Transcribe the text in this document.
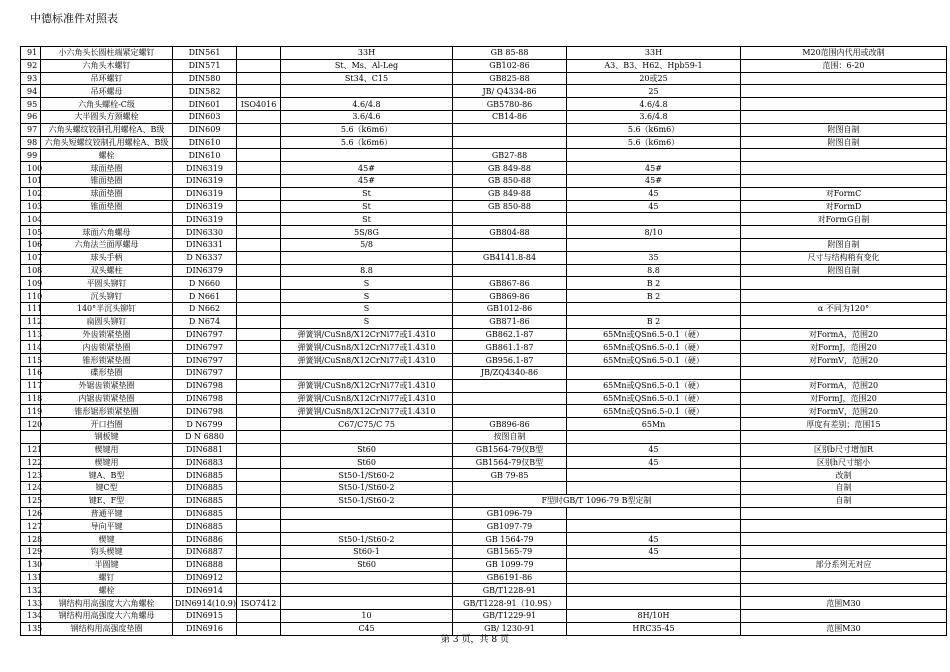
中德标准件对照表
91	小六角头长圆柱端紧定螺钉	DIN561		33H	GB 85-88	33H	M20范围内代用或改制
92	六角头木螺钉	DIN571		St、Ms、Al-Leg	GB102-86	A3、B3、H62、Hpb59-1	范围：6-20
93	吊环螺钉	DIN580		St34、C15	GB825-88	20或25	
94	吊环螺母	DIN582			JB/ Q4334-86	25	
95	六角头螺栓-C级	DIN601	ISO4016	4.6/4.8	GB5780-86	4.6/4.8	
96	大半圆头方颈螺栓	DIN603		3.6/4.6	CB14-86	3.6/4.8	
97	六角头螺纹铰制孔用螺栓A、B级	DIN609		5.6（k6m6）		5.6（k6m6）	附图自制
98	六角头短螺纹铰制孔用螺栓A、B级	DIN610		5.6（k6m6）		5.6（k6m6）	附图自制
99	螺栓	DIN610			GB27-88		
100	球面垫圈	DIN6319		45#	GB 849-88	45#	
101	锥面垫圈	DIN6319		45#	GB 850-88	45#	
102	球面垫圈	DIN6319		St	GB 849-88	45	对FormC
103	锥面垫圈	DIN6319		St	GB 850-88	45	对FormD
104		DIN6319		St			对FormG自制
105	球面六角螺母	DIN6330		5S/8G	GB804-88	8/10	
106	六角法兰面厚螺母	DIN6331		5/8			附图自制
107	球头手柄	D N6337			GB4141.8-84	35	尺寸与结构稍有变化
108	双头螺柱	DIN6379		8.8		8.8	附图自制
109	平圆头铆钉	D N660		S	GB867-86	B 2	
110	沉头铆钉	D N661		S	GB869-86	B 2	
111	140°半沉头铆钉	D N662		S	GB1012-86		α 不同为120°
112	扁圆头铆钉	D N674		S	GB871-86	B 2	
113	外齿锁紧垫圈	DIN6797		弹簧钢/CuSn8/X12CrNi77或1.4310	GB862.1-87	65Mn或QSn6.5-0.1（硬）	对FormA，范围20
114	内齿锁紧垫圈	DIN6797		弹簧钢/CuSn8/X12CrNi77或1.4310	GB861.1-87	65Mn或QSn6.5-0.1（硬）	对FormJ，范围20
115	锥形锁紧垫圈	DIN6797		弹簧钢/CuSn8/X12CrNi77或1.4310	GB956.1-87	65Mn或QSn6.5-0.1（硬）	对FormV，范围20
116	碟形垫圈	DIN6797			JB/ZQ4340-86		
117	外锯齿锁紧垫圈	DIN6798		弹簧钢/CuSn8/X12CrNi77或1.4310		65Mn或QSn6.5-0.1（硬）	对FormA，范围20
118	内锯齿锁紧垫圈	DIN6798		弹簧钢/CuSn8/X12CrNi77或1.4310		65Mn或QSn6.5-0.1（硬）	对FormJ，范围20
119	锥形锯形锁紧垫圈	DIN6798		弹簧钢/CuSn8/X12CrNi77或1.4310		65Mn或QSn6.5-0.1（硬）	对FormV，范围20
120	开口挡圈	D N6799		C67/C75/C 75	GB896-86	65Mn	厚度有差别；范围15
	钢板键	D N 6880			按图自制		
121	楔键用	DIN6881		St60	GB1564-79仅B型	45	区别b尺寸增加R
122	楔键用	DIN6883		St60	GB1564-79仅B型	45	区别h尺寸缩小
123	键A、B型	DIN6885		St50-1/St60-2	GB 79-85		改制
124	键C型	DIN6885		St50-1/St60-2			自制
125	键E、F型	DIN6885		St50-1/St60-2	F型时GB/T 1096-79 B型定制		自制
126	普通平键	DIN6885			GB1096-79		
127	导向平键	DIN6885			GB1097-79		
128	楔键	DIN6886		St50-1/St60-2	GB 1564-79	45	
129	钩头楔键	DIN6887		St60-1	GB1565-79	45	
130	半圆键	DIN6888		St60	GB 1099-79		部分系列无对应
131	螺钉	DIN6912			GB6191-86		
132	螺栓	DIN6914			GB/T1228-91		
133	钢结构用高强度大六角螺栓	DIN6914(10.9)	ISO7412		GB/T1228-91（10.9S）		范围M30
134	钢结构用高强度大六角螺母	DIN6915		10	GB/T1229-91	8H/10H	
135	钢结构用高强度垫圈	DIN6916		C45	GB/ 1230-91	HRC35-45	范围M30
第 3 页，共 8 页
